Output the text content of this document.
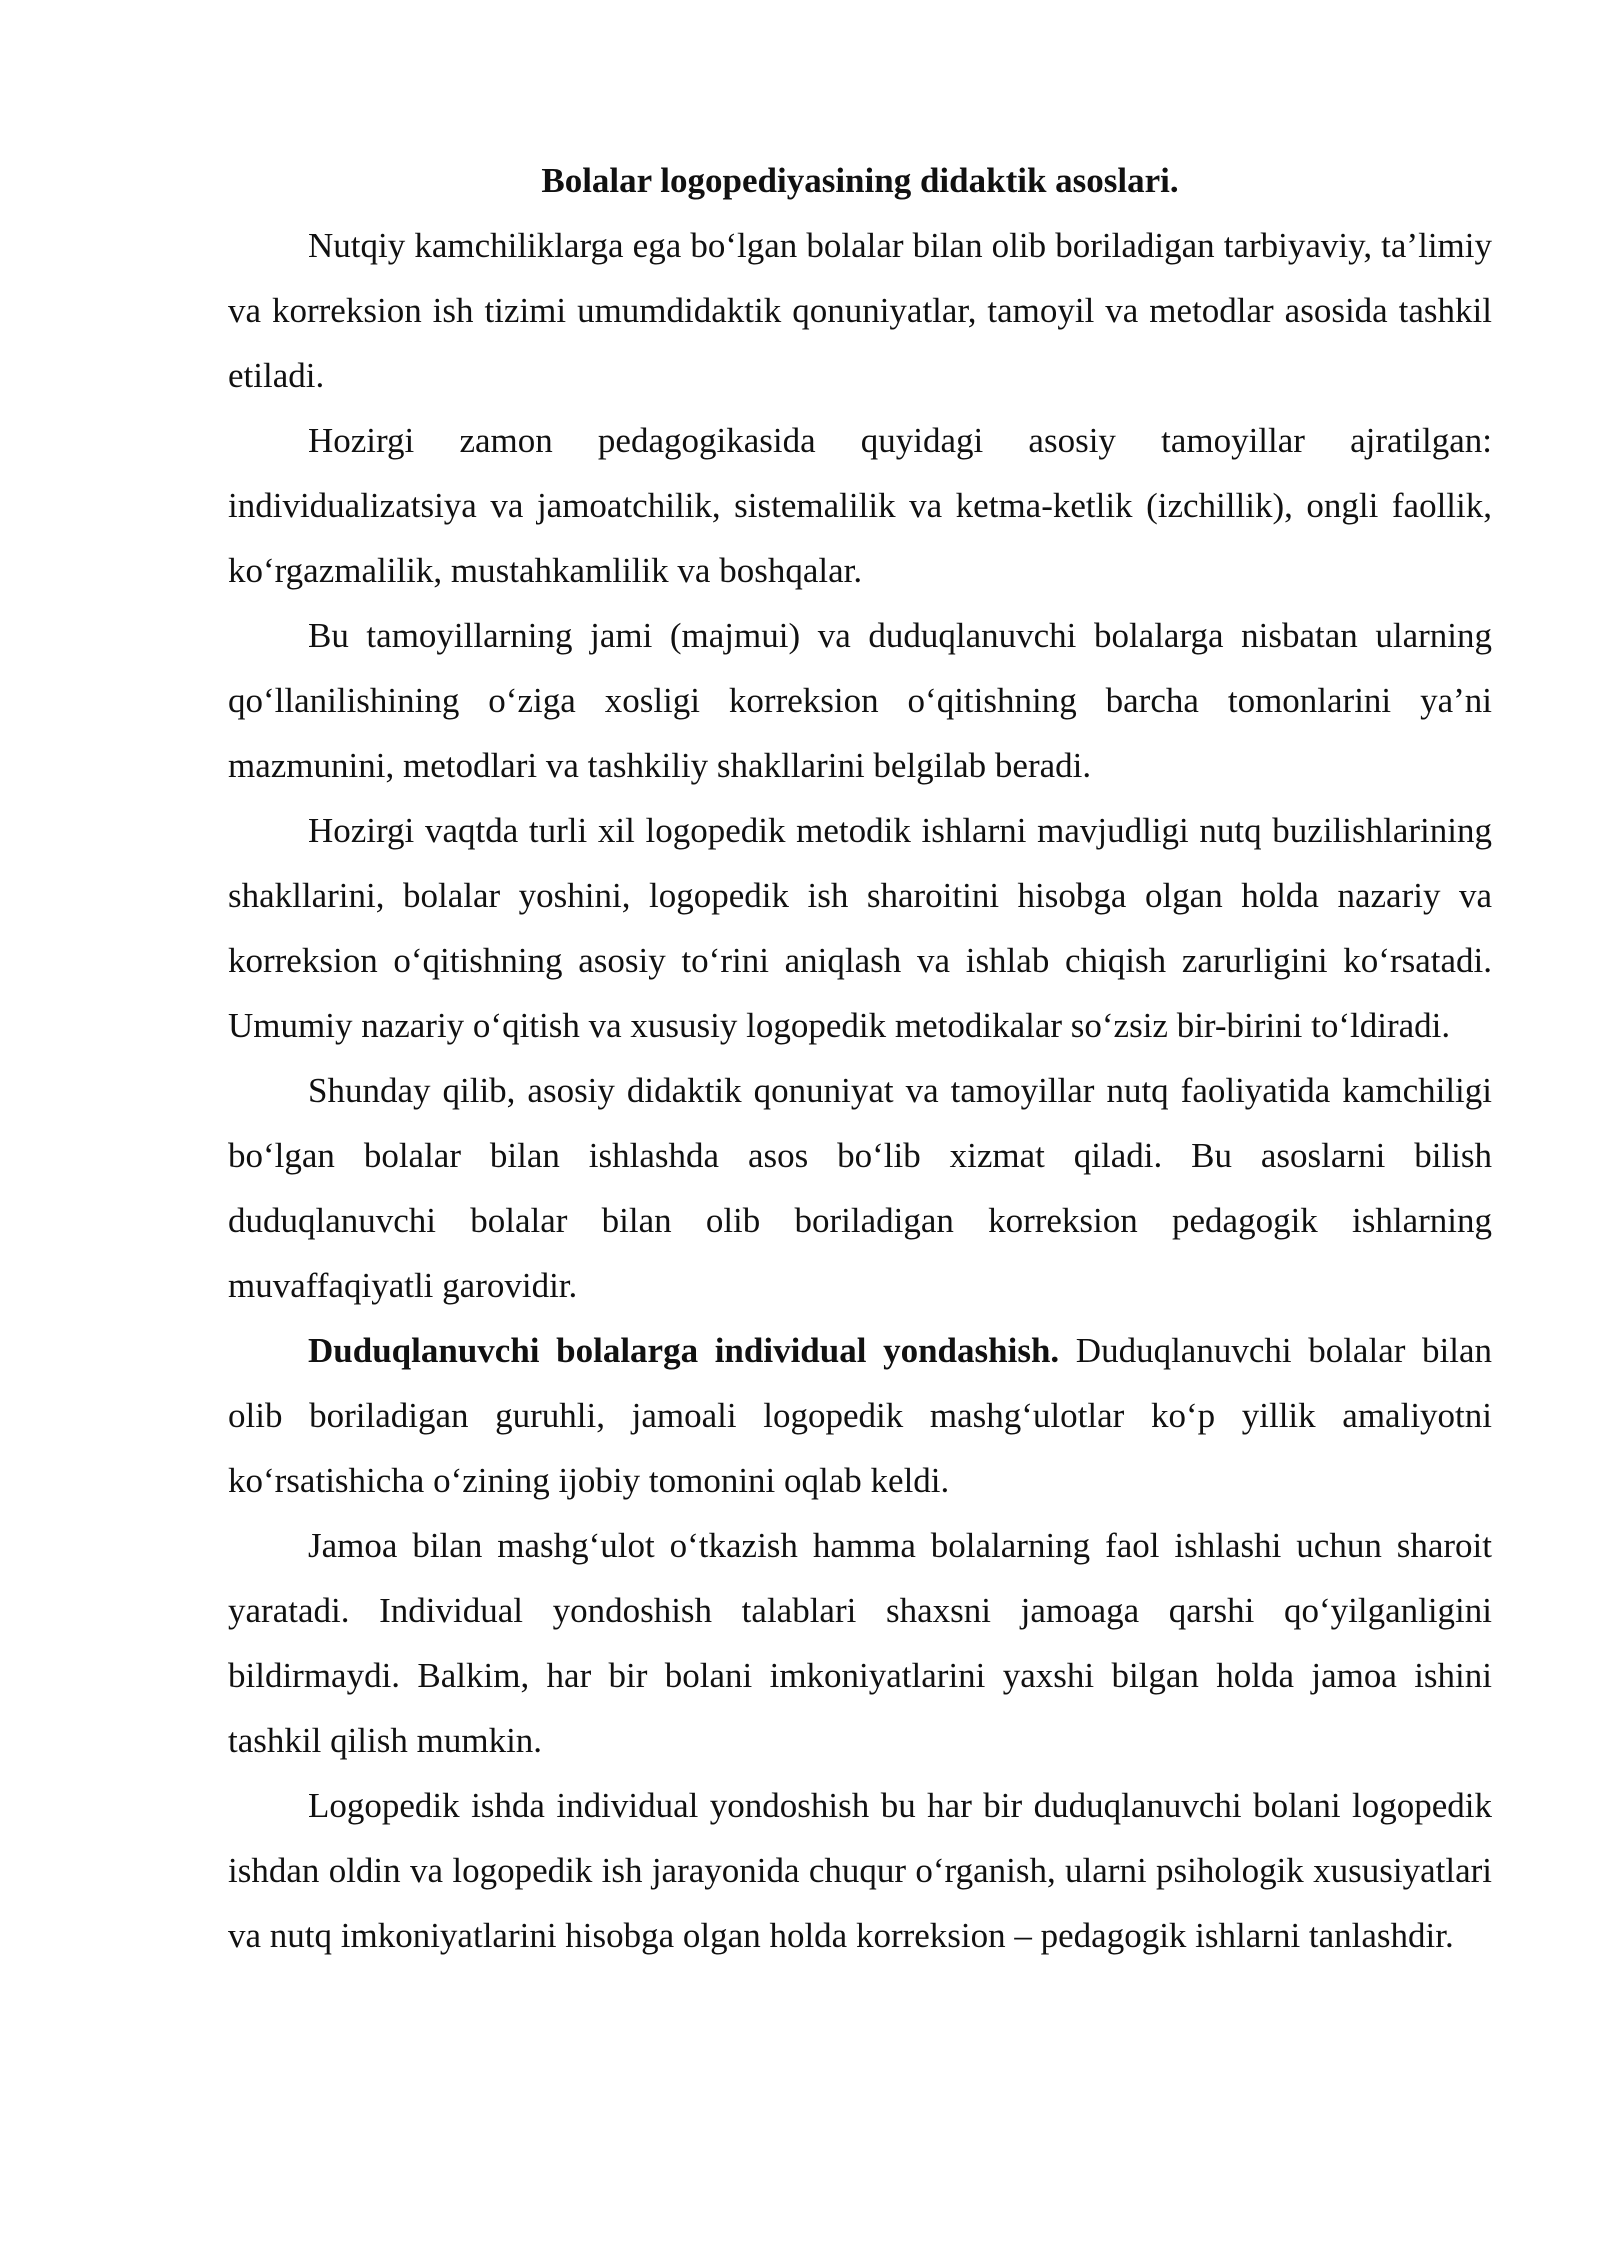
Bolalar logopediyasining didaktik asoslari.

Nutqiy kamchiliklarga ega bo‘lgan bolalar bilan olib boriladigan tarbiyaviy, ta’limiy va korreksion ish tizimi umumdidaktik qonuniyatlar, tamoyil va metodlar asosida tashkil etiladi.

Hozirgi zamon pedagogikasida quyidagi asosiy tamoyillar ajratilgan: individualizatsiya va jamoatchilik, sistemalilik va ketma-ketlik (izchillik), ongli faollik, ko‘rgazmalilik, mustahkamlilik va boshqalar.

Bu tamoyillarning jami (majmui) va duduqlanuvchi bolalarga nisbatan ularning qo‘llanilishining o‘ziga xosligi korreksion o‘qitishning barcha tomonlarini ya’ni mazmunini, metodlari va tashkiliy shakllarini belgilab beradi.

Hozirgi vaqtda turli xil logopedik metodik ishlarni mavjudligi nutq buzilishlarining shakllarini, bolalar yoshini, logopedik ish sharoitini hisobga olgan holda nazariy va korreksion o‘qitishning asosiy to‘rini aniqlash va ishlab chiqish zarurligini ko‘rsatadi. Umumiy nazariy o‘qitish va xususiy logopedik metodikalar so‘zsiz bir-birini to‘ldiradi.

Shunday qilib, asosiy didaktik qonuniyat va tamoyillar nutq faoliyatida kamchiligi bo‘lgan bolalar bilan ishlashda asos bo‘lib xizmat qiladi. Bu asoslarni bilish duduqlanuvchi bolalar bilan olib boriladigan korreksion pedagogik ishlarning muvaffaqiyatli garovidir.

Duduqlanuvchi bolalarga individual yondashish. Duduqlanuvchi bolalar bilan olib boriladigan guruhli, jamoali logopedik mashg‘ulotlar ko‘p yillik amaliyotni ko‘rsatishicha o‘zining ijobiy tomonini oqlab keldi.

Jamoa bilan mashg‘ulot o‘tkazish hamma bolalarning faol ishlashi uchun sharoit yaratadi. Individual yondoshish talablari shaxsni jamoaga qarshi qo‘yilganligini bildirmaydi. Balkim, har bir bolani imkoniyatlarini yaxshi bilgan holda jamoa ishini tashkil qilish mumkin.

Logopedik ishda individual yondoshish bu har bir duduqlanuvchi bolani logopedik ishdan oldin va logopedik ish jarayonida chuqur o‘rganish, ularni psihologik xususiyatlari va nutq imkoniyatlarini hisobga olgan holda korreksion – pedagogik ishlarni tanlashdir.
